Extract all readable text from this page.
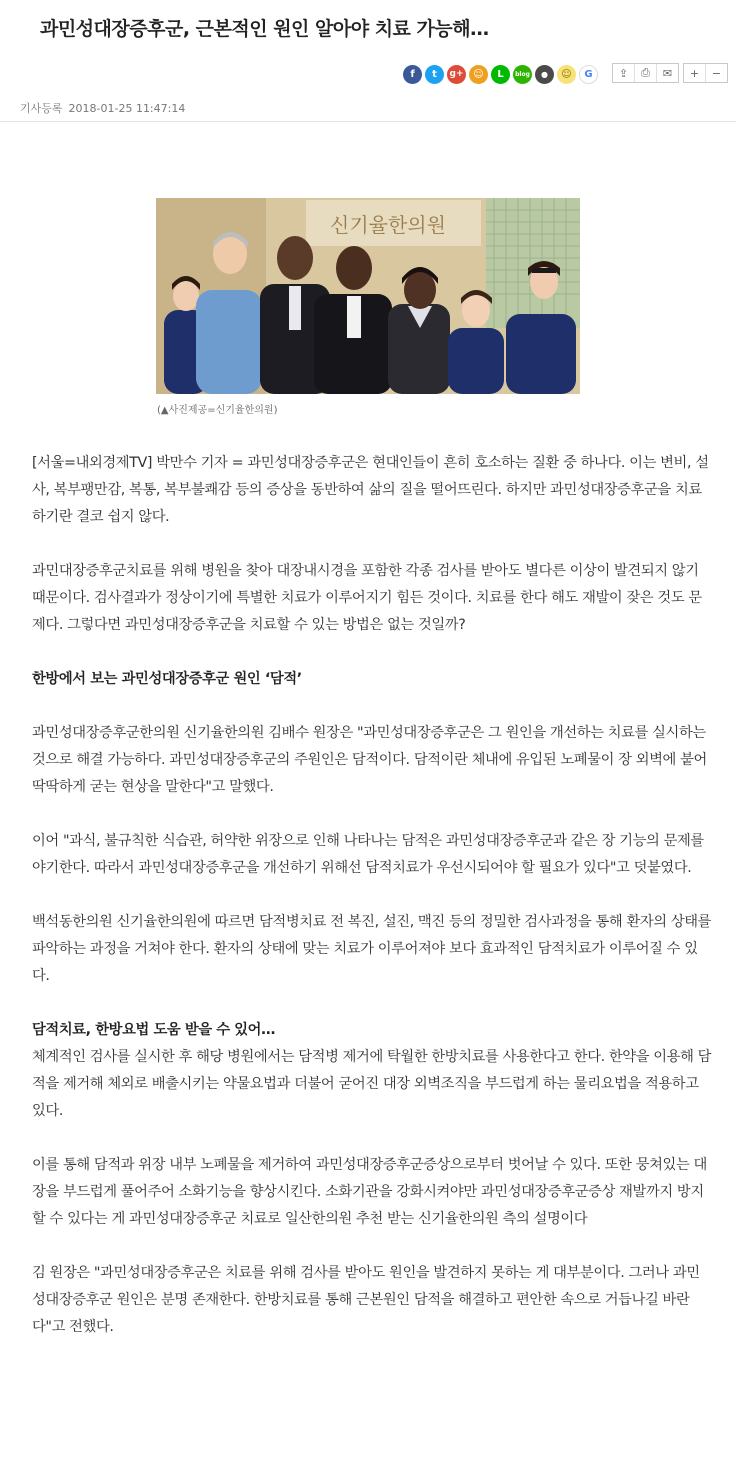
과민성대장증후군, 근본적인 원인 알아야 치료 가능해…
f	t	g+ ☺	L	blog	●	☺	G	⇪	⎙	✉	+	−
기사등록 2018-01-25 11:47:14
신기율한의원
(▲사진제공=신기율한의원)

[서울=내외경제TV] 박만수 기자 = 과민성대장증후군은 현대인들이 흔히 호소하는 질환 중 하나다. 이는 변비, 설사, 복부팽만감, 복통, 복부불쾌감 등의 증상을 동반하여 삶의 질을 떨어뜨린다. 하지만 과민성대장증후군을 치료하기란 결코 쉽지 않다.

과민대장증후군치료를 위해 병원을 찾아 대장내시경을 포함한 각종 검사를 받아도 별다른 이상이 발견되지 않기 때문이다. 검사결과가 정상이기에 특별한 치료가 이루어지기 힘든 것이다. 치료를 한다 해도 재발이 잦은 것도 문제다. 그렇다면 과민성대장증후군을 치료할 수 있는 방법은 없는 것일까?

한방에서 보는 과민성대장증후군 원인 ‘담적’

과민성대장증후군한의원 신기율한의원 김배수 원장은 "과민성대장증후군은 그 원인을 개선하는 치료를 실시하는 것으로 해결 가능하다. 과민성대장증후군의 주원인은 담적이다. 담적이란 체내에 유입된 노폐물이 장 외벽에 붙어 딱딱하게 굳는 현상을 말한다"고 말했다.

이어 "과식, 불규칙한 식습관, 허약한 위장으로 인해 나타나는 담적은 과민성대장증후군과 같은 장 기능의 문제를 야기한다. 따라서 과민성대장증후군을 개선하기 위해선 담적치료가 우선시되어야 할 필요가 있다"고 덧붙였다.

백석동한의원 신기율한의원에 따르면 담적병치료 전 복진, 설진, 맥진 등의 정밀한 검사과정을 통해 환자의 상태를 파악하는 과정을 거쳐야 한다. 환자의 상태에 맞는 치료가 이루어져야 보다 효과적인 담적치료가 이루어질 수 있다.

담적치료, 한방요법 도움 받을 수 있어…

체계적인 검사를 실시한 후 해당 병원에서는 담적병 제거에 탁월한 한방치료를 사용한다고 한다. 한약을 이용해 담적을 제거해 체외로 배출시키는 약물요법과 더불어 굳어진 대장 외벽조직을 부드럽게 하는 물리요법을 적용하고 있다.

이를 통해 담적과 위장 내부 노폐물을 제거하여 과민성대장증후군증상으로부터 벗어날 수 있다. 또한 뭉쳐있는 대장을 부드럽게 풀어주어 소화기능을 향상시킨다. 소화기관을 강화시켜야만 과민성대장증후군증상 재발까지 방지할 수 있다는 게 과민성대장증후군 치료로 일산한의원 추천 받는 신기율한의원 측의 설명이다

김 원장은 "과민성대장증후군은 치료를 위해 검사를 받아도 원인을 발견하지 못하는 게 대부분이다. 그러나 과민성대장증후군 원인은 분명 존재한다. 한방치료를 통해 근본원인 담적을 해결하고 편안한 속으로 거듭나길 바란다"고 전했다.
